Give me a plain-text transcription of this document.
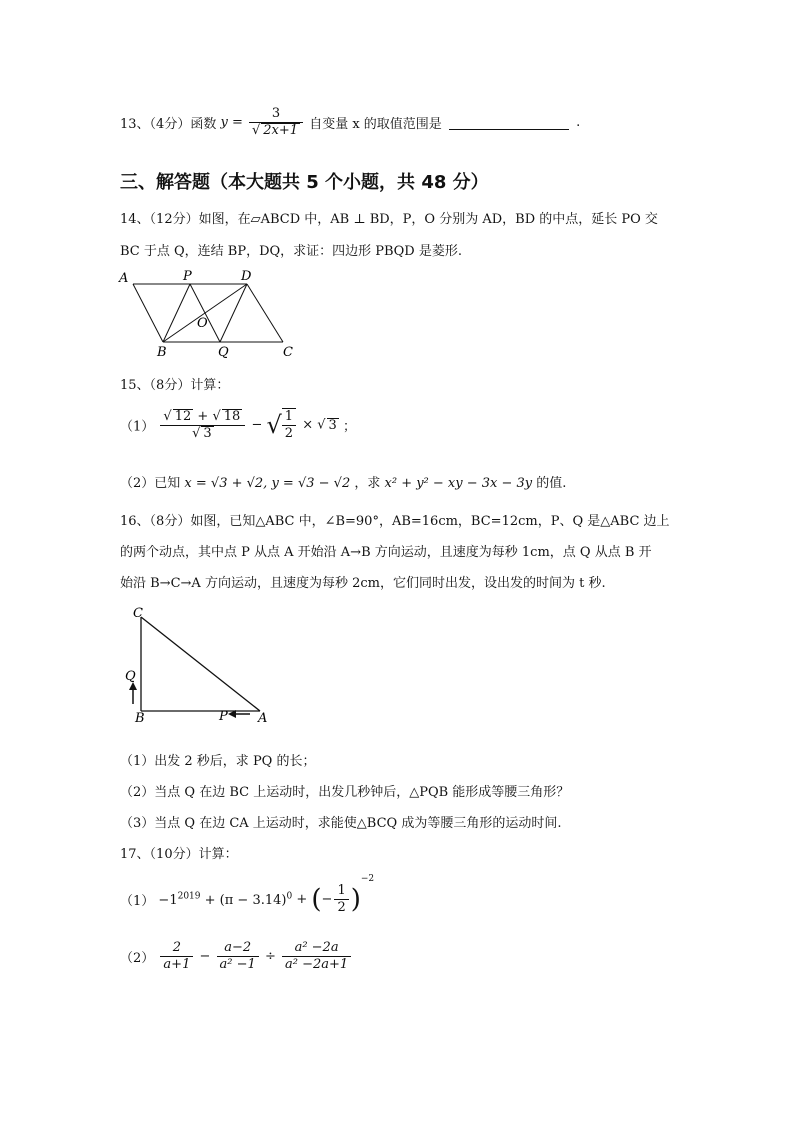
13、（4分）函数 $y = \frac{3}{√ 2x+1}$ 自变量 x 的取值范围是	.
三、解答题（本大题共 5 个小题，共 48 分）
14、（12分）如图，在▱ABCD 中，AB ⊥ BD，P，O 分别为 AD，BD 的中点，延长 PO 交
BC 于点 Q，连结 BP，DQ，求证：四边形 PBQD 是菱形.
A	P	D
O
B	Q	C
15、（8分）计算：
$(1) \frac{√ 12 + √ 18}{√ 3}$ − √ $\frac{1}{2}$ × √ 3 ；
（2）已知 x = √3 + √2, y = √3 − √2 ，求 x² + y² − xy − 3x − 3y 的值.
16、（8分）如图，已知△ABC 中，∠B=90°，AB=16cm，BC=12cm，P、Q 是△ABC 边上
的两个动点，其中点 P 从点 A 开始沿 A→B 方向运动，且速度为每秒 1cm，点 Q 从点 B 开
始沿 B→C→A 方向运动，且速度为每秒 2cm，它们同时出发，设出发的时间为 t 秒.
C
Q
B	P A
（1）出发 2 秒后，求 PQ 的长；
（2）当点 Q 在边 BC 上运动时，出发几秒钟后，△PQB 能形成等腰三角形？
（3）当点 Q 在边 CA 上运动时，求能使△BCQ 成为等腰三角形的运动时间.
17、（10分）计算：
$(1) -1^{2019} + (\pi - 3.14)^0$ + (− $\frac{1}{2} )^{-2}$
$(2) \frac{2}{a+1} - \frac{a-2}{\text{a² −1}} \div \frac{\text{a² −2a}}{\text{a² −2a+1}}$
